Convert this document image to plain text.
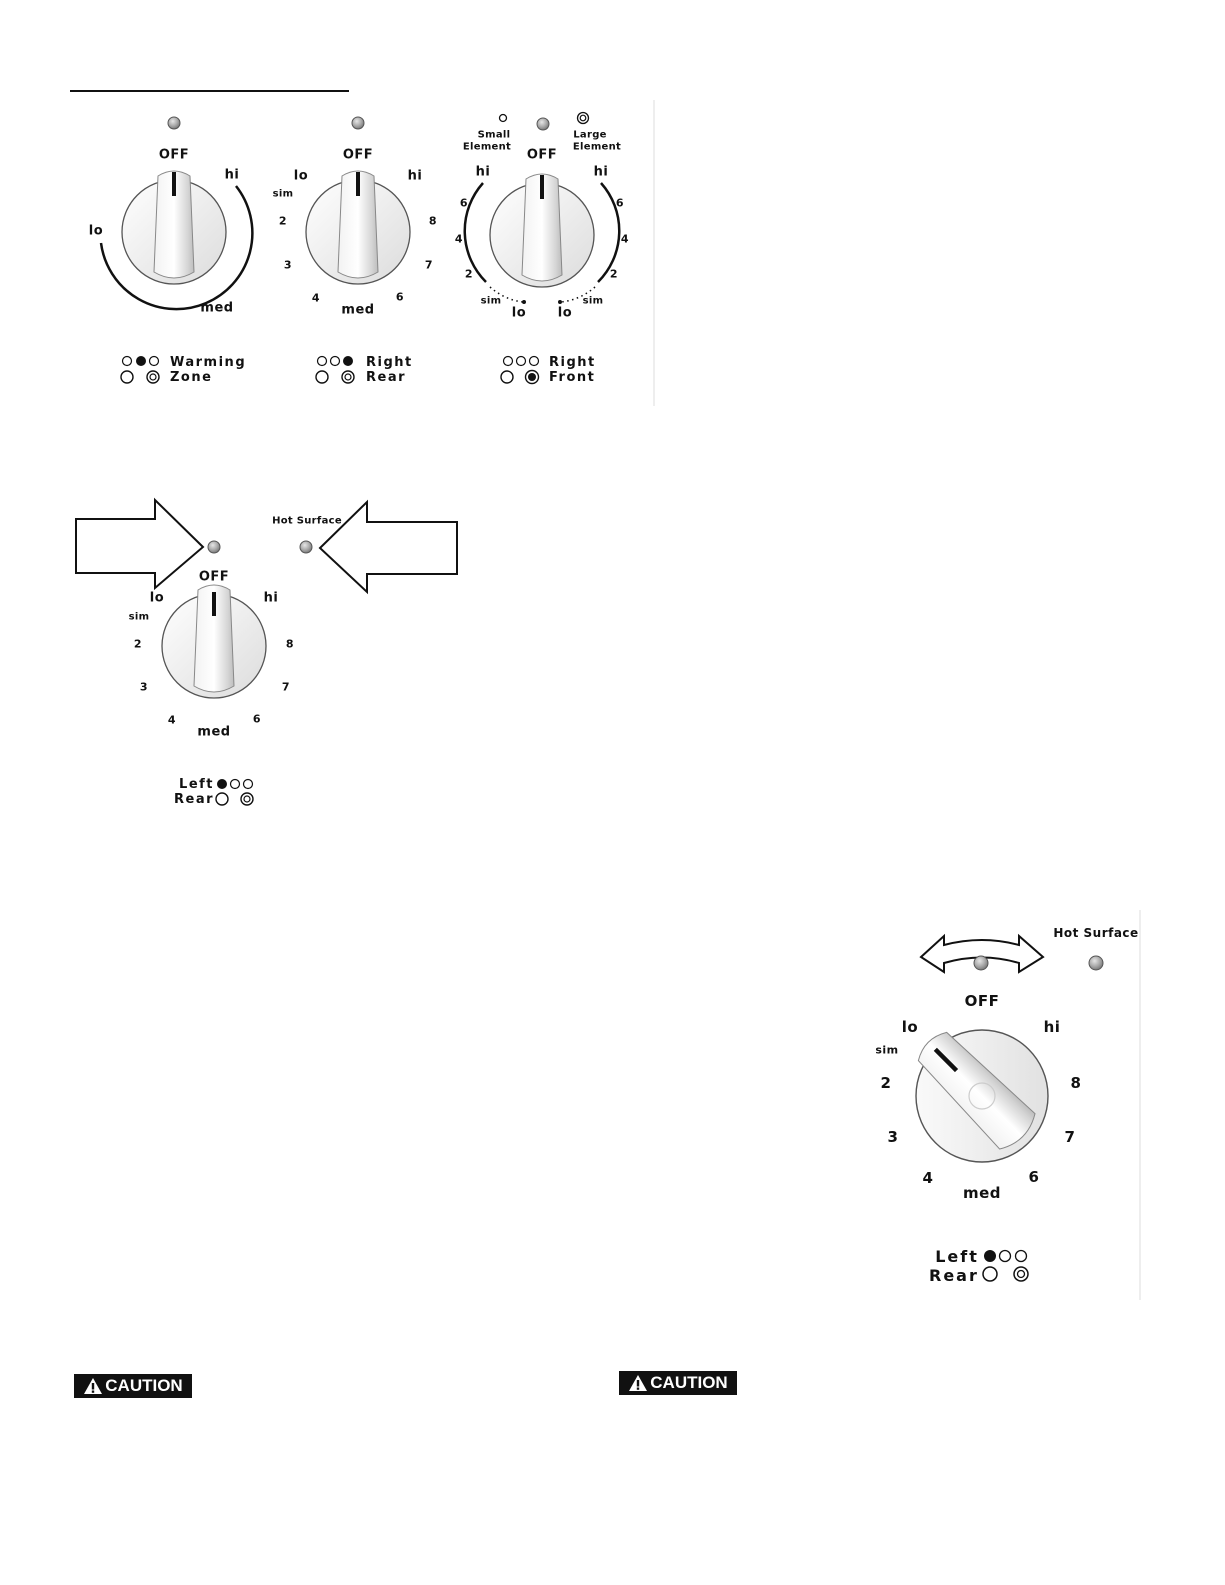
OFF
hi
lo
med
Warming
Zone
OFF
lo	hi
sim
2
3
4
med
6
7
8
Right
Rear
Small
Element
Large
Element
OFF
hi
6
4
2
sim
lo
hi
6
4
2
sim
lo
Right
Front
Hot Surface
OFF
lo	hi
sim
2
3
4
med
6
7
8
Left
Rear
Hot Surface
OFF
lo	hi
sim
2
3
4
med
6
7
8
Left
Rear
CAUTION	CAUTION
